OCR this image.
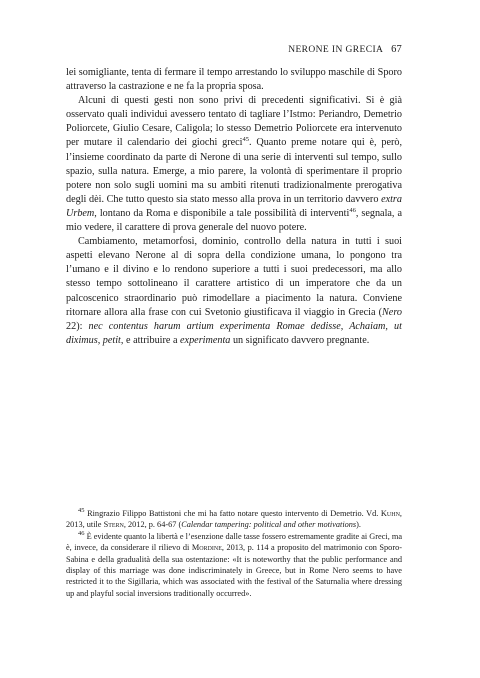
NERONE IN GRECIA 67

lei somigliante, tenta di fermare il tempo arrestando lo sviluppo maschile di Sporo attraverso la castrazione e ne fa la propria sposa.

Alcuni di questi gesti non sono privi di precedenti significativi. Si è già osservato quali individui avessero tentato di tagliare l’Istmo: Periandro, Demetrio Poliorcete, Giulio Cesare, Caligola; lo stesso Demetrio Poliorcete era intervenuto per mutare il calendario dei giochi greci$^{45}$. Quanto preme notare qui è, però, l’insieme coordinato da parte di Nerone di una serie di interventi sul tempo, sullo spazio, sulla natura. Emerge, a mio parere, la volontà di sperimentare il proprio potere non solo sugli uomini ma su ambiti ritenuti tradizionalmente prerogativa degli dèi. Che tutto questo sia stato messo alla prova in un territorio davvero extra Urbem, lontano da Roma e disponibile a tale possibilità di interventi$^{46}$, segnala, a mio vedere, il carattere di prova generale del nuovo potere.

Cambiamento, metamorfosi, dominio, controllo della natura in tutti i suoi aspetti elevano Nerone al di sopra della condizione umana, lo pongono tra l’umano e il divino e lo rendono superiore a tutti i suoi predecessori, ma allo stesso tempo sottolineano il carattere artistico di un imperatore che da un palcoscenico straordinario può rimodellare a piacimento la natura. Conviene ritornare allora alla frase con cui Svetonio giustificava il viaggio in Grecia (Nero 22): nec contentus harum artium experimenta Romae dedisse, Achaiam, ut diximus, petit, e attribuire a experimenta un significato davvero pregnante.

$^{45}$ Ringrazio Filippo Battistoni che mi ha fatto notare questo intervento di Demetrio. Vd. Kuhn, 2013, utile Stern, 2012, p. 64-67 (Calendar tampering: political and other motivations).

$^{46}$ È evidente quanto la libertà e l’esenzione dalle tasse fossero estremamente gradite ai Greci, ma è, invece, da considerare il rilievo di Mordine, 2013, p. 114 a proposito del matrimonio con Sporo-Sabina e della gradualità della sua ostentazione: «It is noteworthy that the public performance and display of this marriage was done indiscriminately in Greece, but in Rome Nero seems to have restricted it to the Sigillaria, which was associated with the festival of the Saturnalia where dressing up and playful social inversions traditionally occurred».
